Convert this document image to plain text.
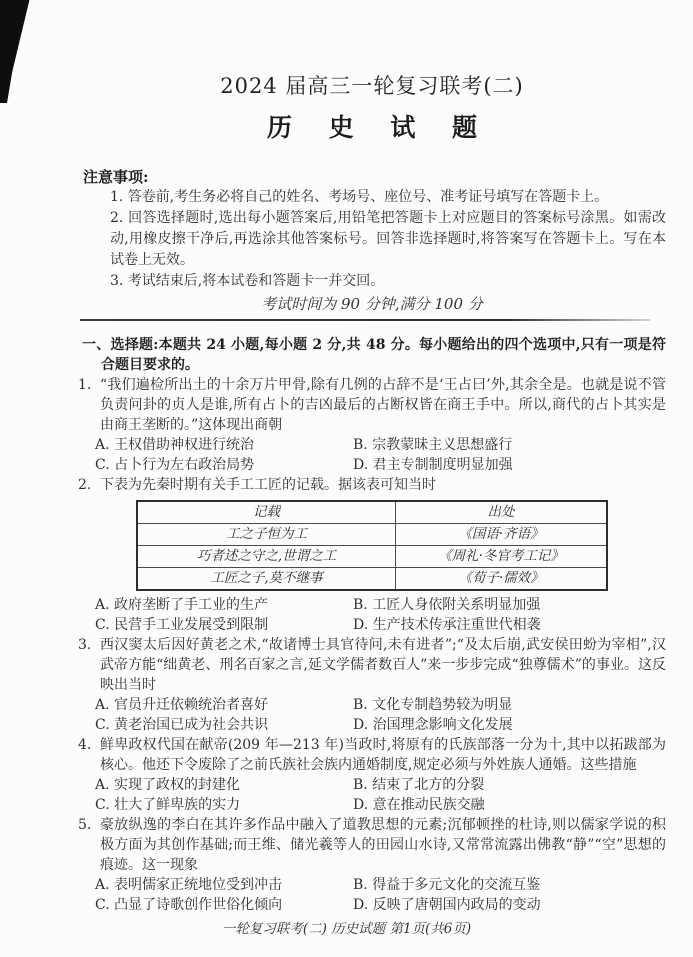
2024 届高三一轮复习联考(二)
历 史 试 题
注意事项:

1. 答卷前,考生务必将自己的姓名、考场号、座位号、准考证号填写在答题卡上。

2. 回答选择题时,选出每小题答案后,用铅笔把答题卡上对应题目的答案标号涂黑。如需改动,用橡皮擦干净后,再选涂其他答案标号。回答非选择题时,将答案写在答题卡上。写在本试卷上无效。

3. 考试结束后,将本试卷和答题卡一并交回。

考试时间为 90 分钟,满分 100 分

一、选择题:本题共 24 小题,每小题 2 分,共 48 分。每小题给出的四个选项中,只有一项是符合题目要求的。

1. “我们遍检所出土的十余万片甲骨,除有几例的占辞不是‘王占曰’外,其余全是。也就是说不管负责问卦的贞人是谁,所有占卜的吉凶最后的占断权皆在商王手中。所以,商代的占卜其实是由商王垄断的。”这体现出商朝

A. 王权借助神权进行统治	B. 宗教蒙昧主义思想盛行
C. 占卜行为左右政治局势	D. 君主专制制度明显加强

2. 下表为先秦时期有关手工工匠的记载。据该表可知当时

记载	出处
工之子恒为工	《国语·齐语》
巧者述之守之,世谓之工	《周礼·冬官考工记》
工匠之子,莫不继事	《荀子·儒效》
A. 政府垄断了手工业的生产	B. 工匠人身依附关系明显加强
C. 民营手工业发展受到限制	D. 生产技术传承注重世代相袭

3. 西汉窦太后因好黄老之术,“故诸博士具官待问,未有进者”;“及太后崩,武安侯田蚡为宰相”,汉武帝方能“绌黄老、刑名百家之言,延文学儒者数百人”来一步步完成“独尊儒术”的事业。这反映出当时

A. 官员升迁依赖统治者喜好	B. 文化专制趋势较为明显
C. 黄老治国已成为社会共识	D. 治国理念影响文化发展

4. 鲜卑政权代国在献帝(209 年—213 年)当政时,将原有的氏族部落一分为十,其中以拓跋部为核心。他还下令废除了之前氏族社会族内通婚制度,规定必须与外姓族人通婚。这些措施

A. 实现了政权的封建化	B. 结束了北方的分裂
C. 壮大了鲜卑族的实力	D. 意在推动民族交融

5. 豪放纵逸的李白在其许多作品中融入了道教思想的元素;沉郁顿挫的杜诗,则以儒家学说的积极方面为其创作基础;而王维、储光羲等人的田园山水诗,又常常流露出佛教“静”“空”思想的痕迹。这一现象

A. 表明儒家正统地位受到冲击	B. 得益于多元文化的交流互鉴
C. 凸显了诗歌创作世俗化倾向	D. 反映了唐朝国内政局的变动

一轮复习联考(二) 历史试题 第1页(共6页)
